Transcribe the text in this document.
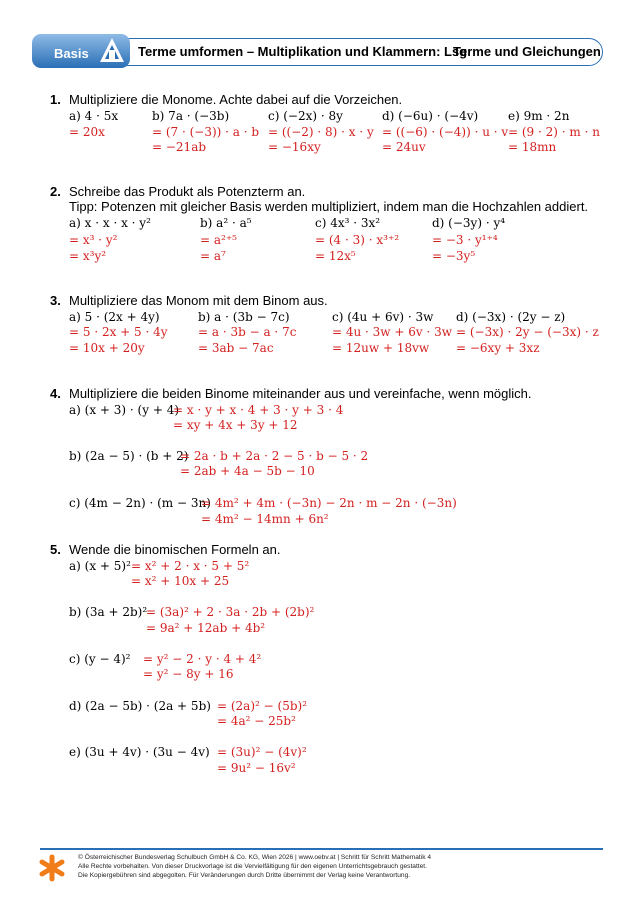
Basis	Terme umformen – Multiplikation und Klammern: Lsg
Terme und Gleichungen
1. Multipliziere die Monome. Achte dabei auf die Vorzeichen.
a) 4 · 5x
= 20x
b) 7a · (−3b)
= (7 · (−3)) · a · b
= −21ab
c) (−2x) · 8y
= ((−2) · 8) · x · y
= −16xy
d) (−6u) · (−4v)
= ((−6) · (−4)) · u · v
= 24uv
e) 9m · 2n
= (9 · 2) · m · n
= 18mn
2. Schreibe das Produkt als Potenzterm an.
Tipp: Potenzen mit gleicher Basis werden multipliziert, indem man die Hochzahlen addiert.
a) x · x · x · y²
= x³ · y²
= x³y²
b) a² · a⁵
= a²⁺⁵
= a⁷
c) 4x³ · 3x²
= (4 · 3) · x³⁺²
= 12x⁵
d) (−3y) · y⁴
= −3 · y¹⁺⁴
= −3y⁵
3. Multipliziere das Monom mit dem Binom aus.
a) 5 · (2x + 4y)
= 5 · 2x + 5 · 4y
= 10x + 20y
b) a · (3b − 7c)
= a · 3b − a · 7c
= 3ab − 7ac
c) (4u + 6v) · 3w
= 4u · 3w + 6v · 3w
= 12uw + 18vw
d) (−3x) · (2y − z)
= (−3x) · 2y − (−3x) · z
= −6xy + 3xz
4. Multipliziere die beiden Binome miteinander aus und vereinfache, wenn möglich.
a) (x + 3) · (y + 4)
= x · y + x · 4 + 3 · y + 3 · 4
= xy + 4x + 3y + 12
b) (2a − 5) · (b + 2)
= 2a · b + 2a · 2 − 5 · b − 5 · 2
= 2ab + 4a − 5b − 10
c) (4m − 2n) · (m − 3n)
= 4m² + 4m · (−3n) − 2n · m − 2n · (−3n)
= 4m² − 14mn + 6n²
5. Wende die binomischen Formeln an.
a) (x + 5)² = x² + 2 · x · 5 + 5²
= x² + 10x + 25
b) (3a + 2b)²
= (3a)² + 2 · 3a · 2b + (2b)²
= 9a² + 12ab + 4b²
c) (y − 4)² = y² − 2 · y · 4 + 4²
= y² − 8y + 16
d) (2a − 5b) · (2a + 5b) = (2a)² − (5b)²
= 4a² − 25b²
e) (3u + 4v) · (3u − 4v) = (3u)² − (4v)²
= 9u² − 16v²
© Österreichischer Bundesverlag Schulbuch GmbH & Co. KG, Wien 2026 | www.oebv.at | Schritt für Schritt Mathematik 4
Alle Rechte vorbehalten. Von dieser Druckvorlage ist die Vervielfältigung für den eigenen Unterrichtsgebrauch gestattet.
Die Kopiergebühren sind abgegolten. Für Veränderungen durch Dritte übernimmt der Verlag keine Verantwortung.
